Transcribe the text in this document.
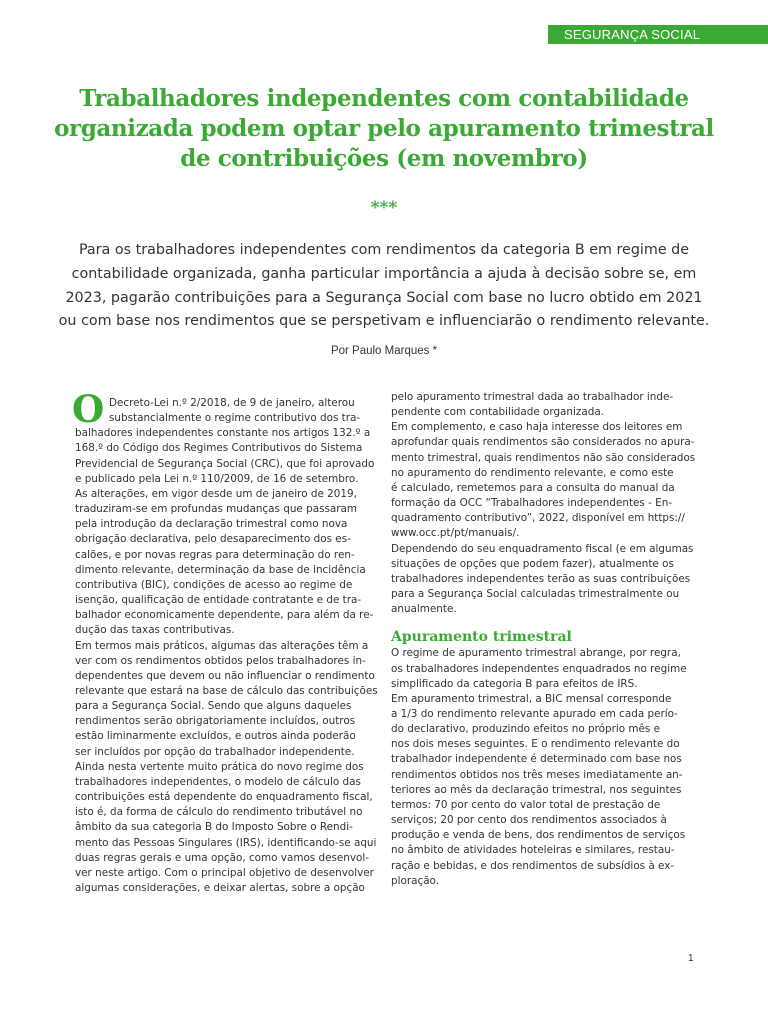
SEGURANÇA SOCIAL
Trabalhadores independentes com contabilidade
organizada podem optar pelo apuramento trimestral
de contribuições (em novembro)
***
Para os trabalhadores independentes com rendimentos da categoria B em regime de
contabilidade organizada, ganha particular importância a ajuda à decisão sobre se, em
2023, pagarão contribuições para a Segurança Social com base no lucro obtido em 2021
ou com base nos rendimentos que se perspetivam e influenciarão o rendimento relevante.
Por Paulo Marques *

O Decreto-Lei n.º 2/2018, de 9 de janeiro, alterou
substancialmente o regime contributivo dos tra-
balhadores independentes constante nos artigos 132.º a
168.º do Código dos Regimes Contributivos do Sistema
Previdencial de Segurança Social (CRC), que foi aprovado
e publicado pela Lei n.º 110/2009, de 16 de setembro.

As alterações, em vigor desde um de janeiro de 2019,
traduziram-se em profundas mudanças que passaram
pela introdução da declaração trimestral como nova
obrigação declarativa, pelo desaparecimento dos es-
calões, e por novas regras para determinação do ren-
dimento relevante, determinação da base de incidência
contributiva (BIC), condições de acesso ao regime de
isenção, qualificação de entidade contratante e de tra-
balhador economicamente dependente, para além da re-
dução das taxas contributivas.

Em termos mais práticos, algumas das alterações têm a
ver com os rendimentos obtidos pelos trabalhadores in-
dependentes que devem ou não influenciar o rendimento
relevante que estará na base de cálculo das contribuições
para a Segurança Social. Sendo que alguns daqueles
rendimentos serão obrigatoriamente incluídos, outros
estão liminarmente excluídos, e outros ainda poderão
ser incluídos por opção do trabalhador independente.

Ainda nesta vertente muito prática do novo regime dos
trabalhadores independentes, o modelo de cálculo das
contribuições está dependente do enquadramento fiscal,
isto é, da forma de cálculo do rendimento tributável no
âmbito da sua categoria B do Imposto Sobre o Rendi-
mento das Pessoas Singulares (IRS), identificando-se aqui
duas regras gerais e uma opção, como vamos desenvol-
ver neste artigo. Com o principal objetivo de desenvolver
algumas considerações, e deixar alertas, sobre a opção

pelo apuramento trimestral dada ao trabalhador inde-
pendente com contabilidade organizada.

Em complemento, e caso haja interesse dos leitores em
aprofundar quais rendimentos são considerados no apura-
mento trimestral, quais rendimentos não são considerados
no apuramento do rendimento relevante, e como este
é calculado, remetemos para a consulta do manual da
formação da OCC “Trabalhadores independentes - En-
quadramento contributivo”, 2022, disponível em https://
www.occ.pt/pt/manuais/.

Dependendo do seu enquadramento fiscal (e em algumas
situações de opções que podem fazer), atualmente os
trabalhadores independentes terão as suas contribuições
para a Segurança Social calculadas trimestralmente ou
anualmente.

Apuramento trimestral

O regime de apuramento trimestral abrange, por regra,
os trabalhadores independentes enquadrados no regime
simplificado da categoria B para efeitos de IRS.

Em apuramento trimestral, a BIC mensal corresponde
a 1/3 do rendimento relevante apurado em cada perío-
do declarativo, produzindo efeitos no próprio mês e
nos dois meses seguintes. E o rendimento relevante do
trabalhador independente é determinado com base nos
rendimentos obtidos nos três meses imediatamente an-
teriores ao mês da declaração trimestral, nos seguintes
termos: 70 por cento do valor total de prestação de
serviços; 20 por cento dos rendimentos associados à
produção e venda de bens, dos rendimentos de serviços
no âmbito de atividades hoteleiras e similares, restau-
ração e bebidas, e dos rendimentos de subsídios à ex-
ploração.

1
